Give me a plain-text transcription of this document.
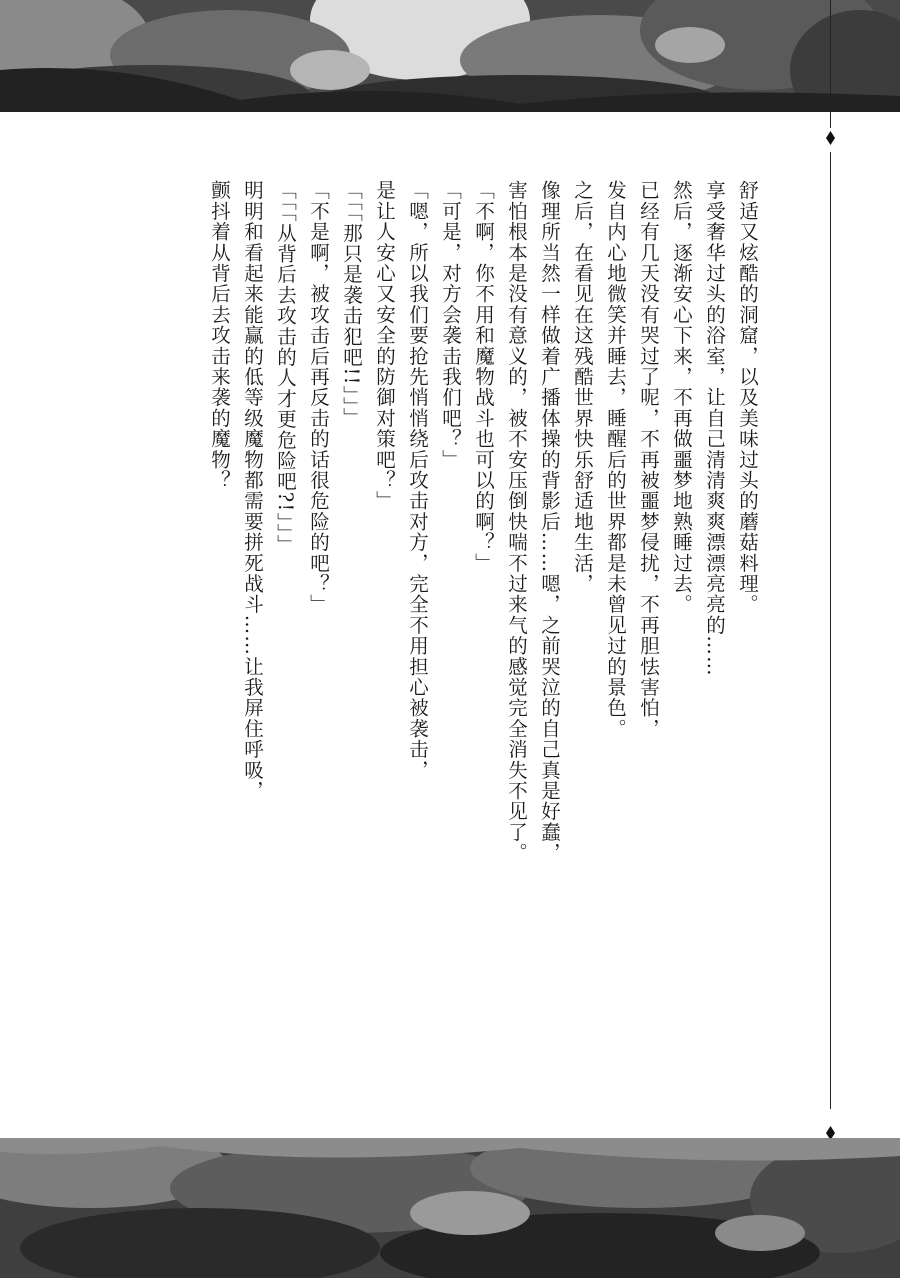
舒适又炫酷的洞窟，以及美味过头的蘑菇料理。

享受奢华过头的浴室，让自己清清爽爽漂漂亮亮的……

然后，逐渐安心下来，不再做噩梦地熟睡过去。

已经有几天没有哭过了呢，不再被噩梦侵扰，不再胆怯害怕，

发自内心地微笑并睡去，睡醒后的世界都是未曾见过的景色。

之后，在看见在这残酷世界快乐舒适地生活，

像理所当然一样做着广播体操的背影后……嗯，之前哭泣的自己真是好蠢，

害怕根本是没有意义的，被不安压倒快喘不过来气的感觉完全消失不见了。

「不啊，你不用和魔物战斗也可以的啊？」

「可是，对方会袭击我们吧？」

「嗯，所以我们要抢先悄悄绕后攻击对方，完全不用担心被袭击，

是让人安心又安全的防御对策吧？」

「「「那只是袭击犯吧!!」」」

「不是啊，被攻击后再反击的话很危险的吧？」

「「「从背后去攻击的人才更危险吧?!」」」

明明和看起来能赢的低等级魔物都需要拼死战斗……让我屏住呼吸，

颤抖着从背后去攻击来袭的魔物？
